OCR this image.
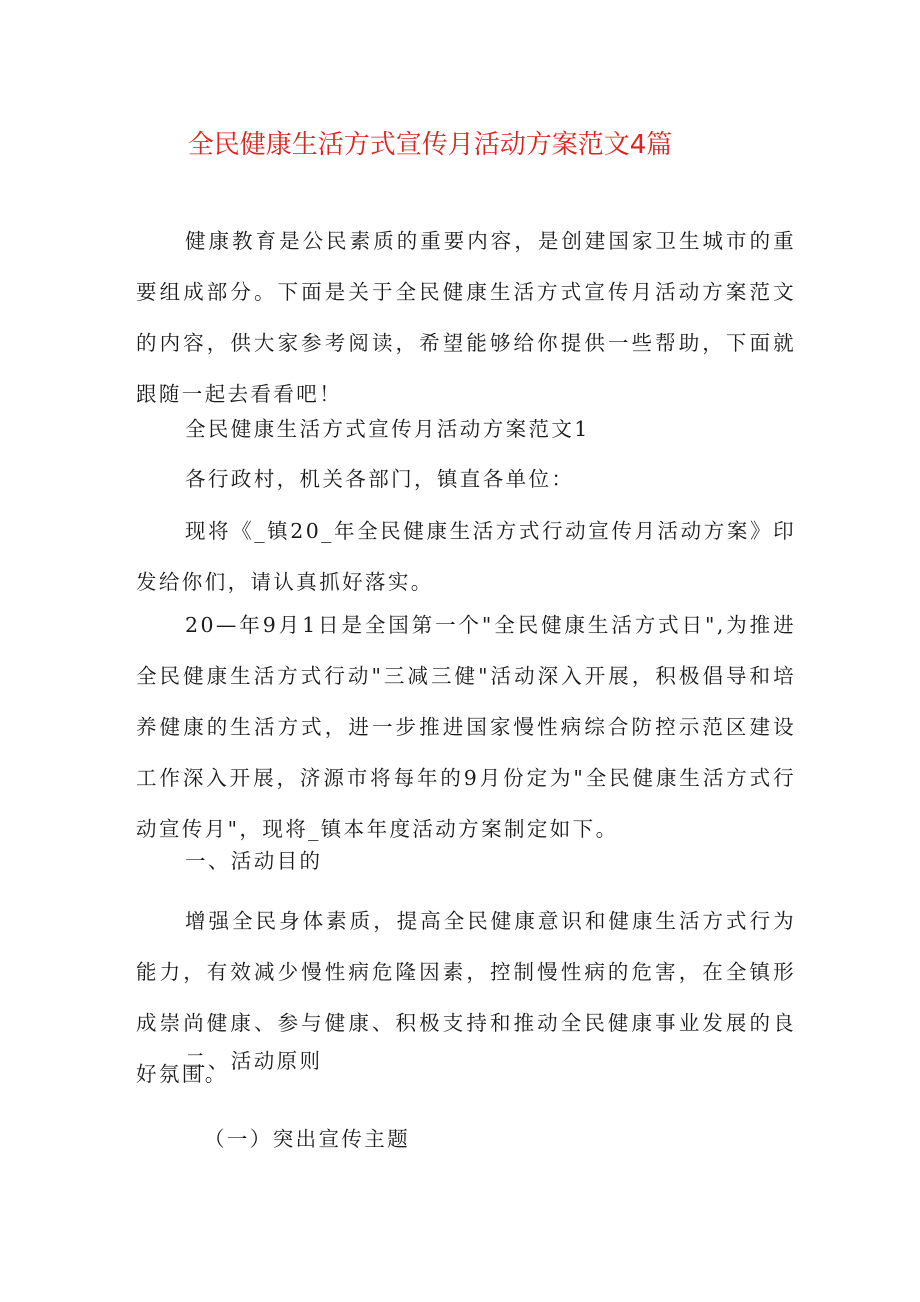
全民健康生活方式宣传月活动方案范文4篇

健康教育是公民素质的重要内容，是创建国家卫生城市的重要组成部分。下面是关于全民健康生活方式宣传月活动方案范文的内容，供大家参考阅读，希望能够给你提供一些帮助，下面就跟随一起去看看吧！

全民健康生活方式宣传月活动方案范文1

各行政村，机关各部门，镇直各单位：

现将《_镇20_年全民健康生活方式行动宣传月活动方案》印发给你们，请认真抓好落实。

20—年9月1日是全国第一个"全民健康生活方式日",为推进全民健康生活方式行动"三减三健"活动深入开展，积极倡导和培养健康的生活方式，进一步推进国家慢性病综合防控示范区建设工作深入开展，济源市将每年的9月份定为"全民健康生活方式行动宣传月"，现将_镇本年度活动方案制定如下。

一、活动目的

增强全民身体素质，提高全民健康意识和健康生活方式行为能力，有效减少慢性病危隆因素，控制慢性病的危害，在全镇形成崇尚健康、参与健康、积极支持和推动全民健康事业发展的良好氛围。

二、活动原则

（一）突出宣传主题
